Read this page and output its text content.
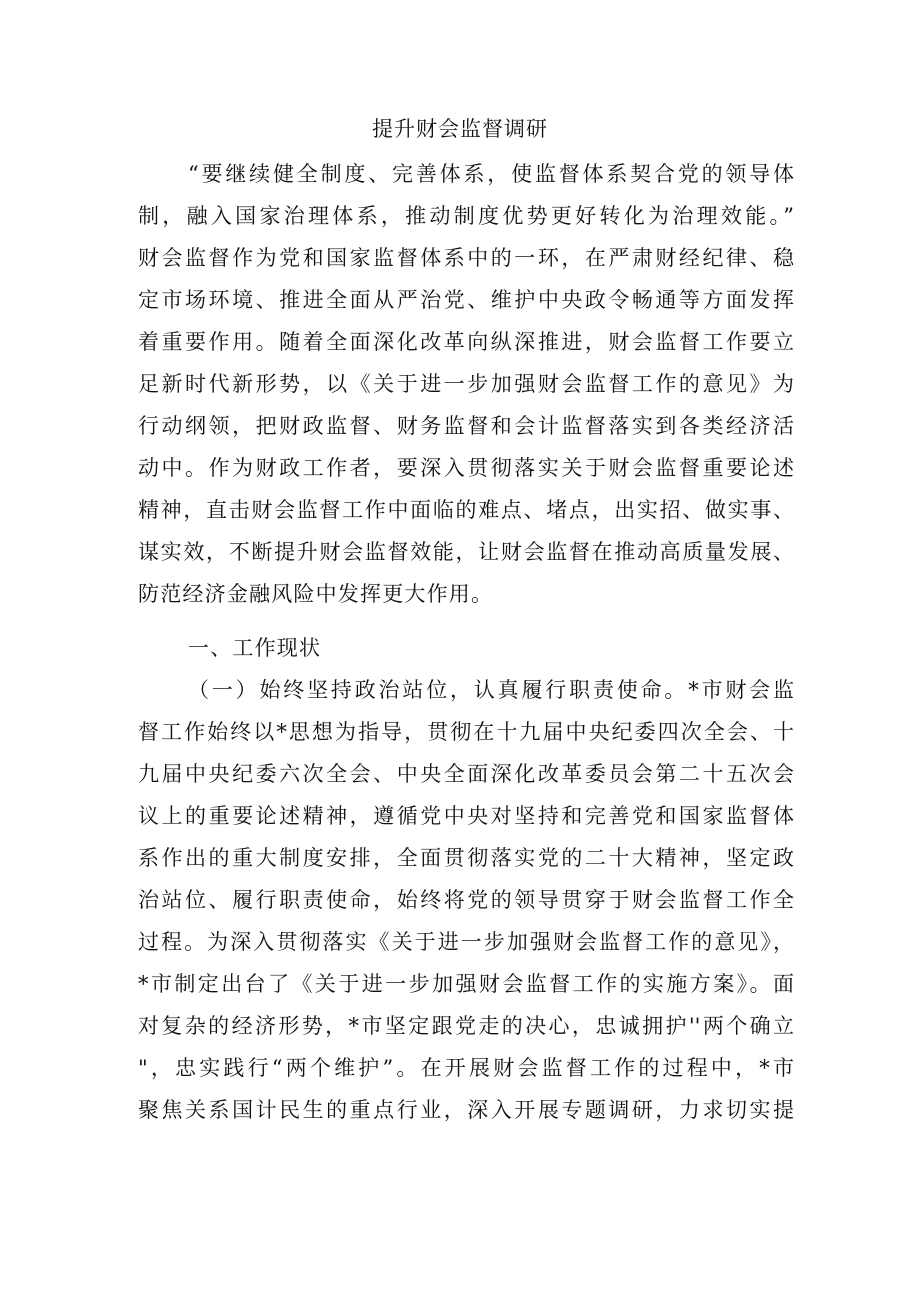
提升财会监督调研
“要继续健全制度、完善体系，使监督体系契合党的领导体
制，融入国家治理体系，推动制度优势更好转化为治理效能。”
财会监督作为党和国家监督体系中的一环，在严肃财经纪律、稳
定市场环境、推进全面从严治党、维护中央政令畅通等方面发挥
着重要作用。随着全面深化改革向纵深推进，财会监督工作要立
足新时代新形势，以《关于进一步加强财会监督工作的意见》为
行动纲领，把财政监督、财务监督和会计监督落实到各类经济活
动中。作为财政工作者，要深入贯彻落实关于财会监督重要论述
精神，直击财会监督工作中面临的难点、堵点，出实招、做实事、
谋实效，不断提升财会监督效能，让财会监督在推动高质量发展、
防范经济金融风险中发挥更大作用。
一、工作现状
（一）始终坚持政治站位，认真履行职责使命。*市财会监
督工作始终以*思想为指导，贯彻在十九届中央纪委四次全会、十
九届中央纪委六次全会、中央全面深化改革委员会第二十五次会
议上的重要论述精神，遵循党中央对坚持和完善党和国家监督体
系作出的重大制度安排，全面贯彻落实党的二十大精神，坚定政
治站位、履行职责使命，始终将党的领导贯穿于财会监督工作全
过程。为深入贯彻落实《关于进一步加强财会监督工作的意见》，
*市制定出台了《关于进一步加强财会监督工作的实施方案》。面
对复杂的经济形势，*市坚定跟党走的决心，忠诚拥护''两个确立
"，忠实践行“两个维护”。在开展财会监督工作的过程中，*市
聚焦关系国计民生的重点行业，深入开展专题调研，力求切实提
